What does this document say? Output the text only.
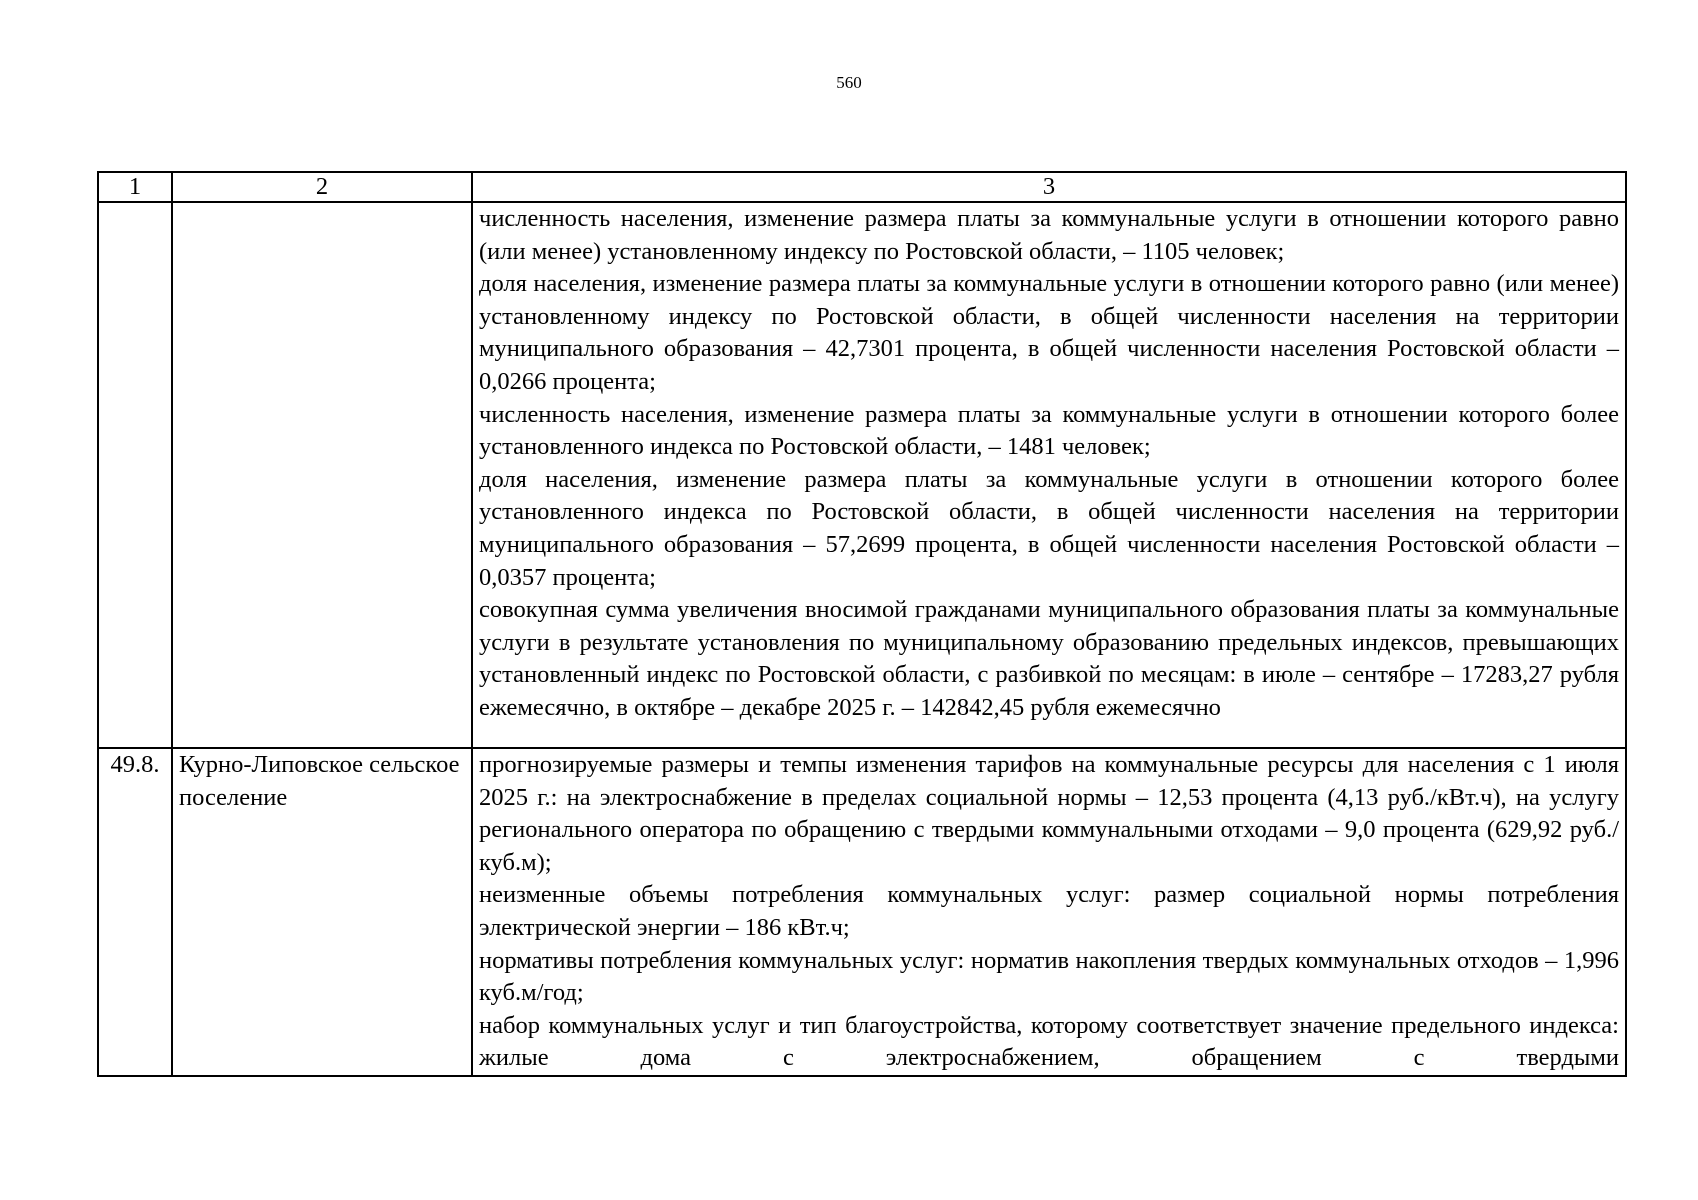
560
1	2	3

		численность населения, изменение размера платы за коммунальные услуги в отношении которого равно (или менее) установленному индексу по Ростовской области, – 1105 человек;
доля населения, изменение размера платы за коммунальные услуги в отношении которого равно (или менее) установленному индексу по Ростовской области, в общей численности населения на территории муниципального образования – 42,7301 процента, в общей численности населения Ростовской области – 0,0266 процента;
численность населения, изменение размера платы за коммунальные услуги в отношении которого более установленного индекса по Ростовской области, – 1481 человек;
доля населения, изменение размера платы за коммунальные услуги в отношении которого более установленного индекса по Ростовской области, в общей численности населения на территории муниципального образования – 57,2699 процента, в общей численности населения Ростовской области – 0,0357 процента;
совокупная сумма увеличения вносимой гражданами муниципального образования платы за коммунальные услуги в результате установления по муниципальному образованию предельных индексов, превышающих установленный индекс по Ростовской области, с разбивкой по месяцам: в июле – сентябре – 17283,27 рубля ежемесячно, в октябре – декабре 2025 г. – 142842,45 рубля ежемесячно

49.8.	Курно-Липовское сельское поселение	прогнозируемые размеры и темпы изменения тарифов на коммунальные ресурсы для населения с 1 июля 2025 г.: на электроснабжение в пределах социальной нормы – 12,53 процента (4,13 руб./кВт.ч), на услугу регионального оператора по обращению с твердыми коммунальными отходами – 9,0 процента (629,92 руб./куб.м);
неизменные объемы потребления коммунальных услуг: размер социальной нормы потребления электрической энергии – 186 кВт.ч;
нормативы потребления коммунальных услуг: норматив накопления твердых коммунальных отходов – 1,996 куб.м/год;
набор коммунальных услуг и тип благоустройства, которому соответствует значение предельного индекса: жилые дома с электроснабжением, обращением с твердыми
